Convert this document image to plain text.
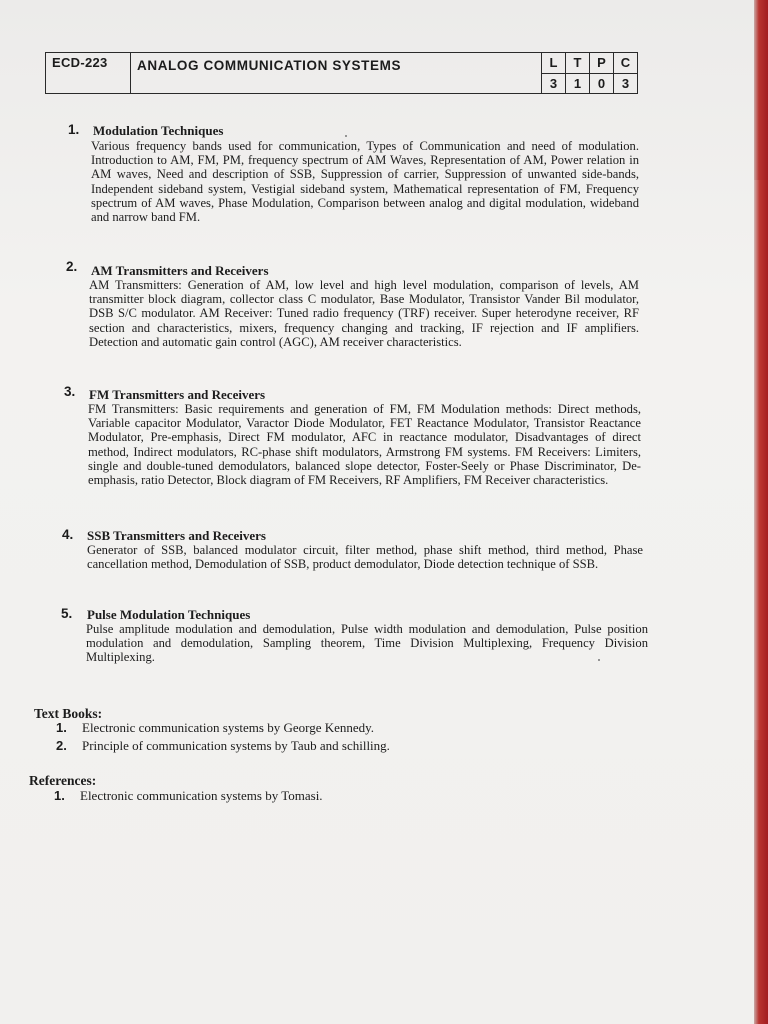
ECD-223	ANALOG COMMUNICATION SYSTEMS	L	T	P	C
		3	1	0	3
1. Modulation Techniques
Various frequency bands used for communication, Types of Communication and need of modulation. Introduction to AM, FM, PM, frequency spectrum of AM Waves, Representation of AM, Power relation in AM waves, Need and description of SSB, Suppression of carrier, Suppression of unwanted side-bands, Independent sideband system, Vestigial sideband system, Mathematical representation of FM, Frequency spectrum of AM waves, Phase Modulation, Comparison between analog and digital modulation, wideband and narrow band FM.
2. AM Transmitters and Receivers
AM Transmitters: Generation of AM, low level and high level modulation, comparison of levels, AM transmitter block diagram, collector class C modulator, Base Modulator, Transistor Vander Bil modulator, DSB S/C modulator. AM Receiver: Tuned radio frequency (TRF) receiver. Super heterodyne receiver, RF section and characteristics, mixers, frequency changing and tracking, IF rejection and IF amplifiers. Detection and automatic gain control (AGC), AM receiver characteristics.
3. FM Transmitters and Receivers
FM Transmitters: Basic requirements and generation of FM, FM Modulation methods: Direct methods, Variable capacitor Modulator, Varactor Diode Modulator, FET Reactance Modulator, Transistor Reactance Modulator, Pre-emphasis, Direct FM modulator, AFC in reactance modulator, Disadvantages of direct method, Indirect modulators, RC-phase shift modulators, Armstrong FM systems. FM Receivers: Limiters, single and double-tuned demodulators, balanced slope detector, Foster-Seely or Phase Discriminator, De-emphasis, ratio Detector, Block diagram of FM Receivers, RF Amplifiers, FM Receiver characteristics.
4. SSB Transmitters and Receivers
Generator of SSB, balanced modulator circuit, filter method, phase shift method, third method, Phase cancellation method, Demodulation of SSB, product demodulator, Diode detection technique of SSB.
5. Pulse Modulation Techniques
Pulse amplitude modulation and demodulation, Pulse width modulation and demodulation, Pulse position modulation and demodulation, Sampling theorem, Time Division Multiplexing, Frequency Division Multiplexing.
Text Books:
1. Electronic communication systems by George Kennedy.
2. Principle of communication systems by Taub and schilling.
References:
1. Electronic communication systems by Tomasi.
